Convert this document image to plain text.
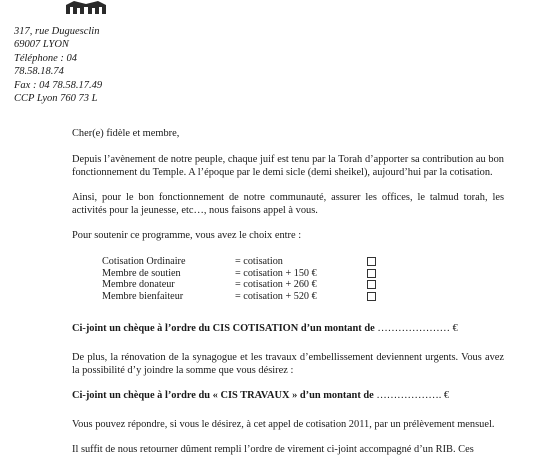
317, rue Duguesclin
69007 LYON
Téléphone : 04
78.58.18.74
Fax : 04 78.58.17.49
CCP Lyon 760 73 L

Cher(e) fidèle et membre,

Depuis l’avènement de notre peuple, chaque juif est tenu par la Torah d’apporter sa contribution au bon fonctionnement du Temple. A l’époque par le demi sicle (demi sheikel), aujourd’hui par la cotisation.

Ainsi, pour le bon fonctionnement de notre communauté, assurer les offices, le talmud torah, les activités pour la jeunesse, etc…, nous faisons appel à vous.

Pour soutenir ce programme, vous avez le choix entre :

Cotisation Ordinaire	= cotisation	
Membre de soutien	= cotisation + 150 €	
Membre donateur	= cotisation + 260 €	
Membre bienfaiteur	= cotisation + 520 €	

Ci-joint un chèque à l’ordre du CIS COTISATION d’un montant de ………………… €

De plus, la rénovation de la synagogue et les travaux d’embellissement deviennent urgents. Vous avez la possibilité d’y joindre la somme que vous désirez :

Ci-joint un chèque à l’ordre du « CIS TRAVAUX » d’un montant de ………………. €

Vous pouvez répondre, si vous le désirez, à cet appel de cotisation 2011, par un prélèvement mensuel.

Il suffit de nous retourner dûment rempli l’ordre de virement ci-joint accompagné d’un RIB. Ces
